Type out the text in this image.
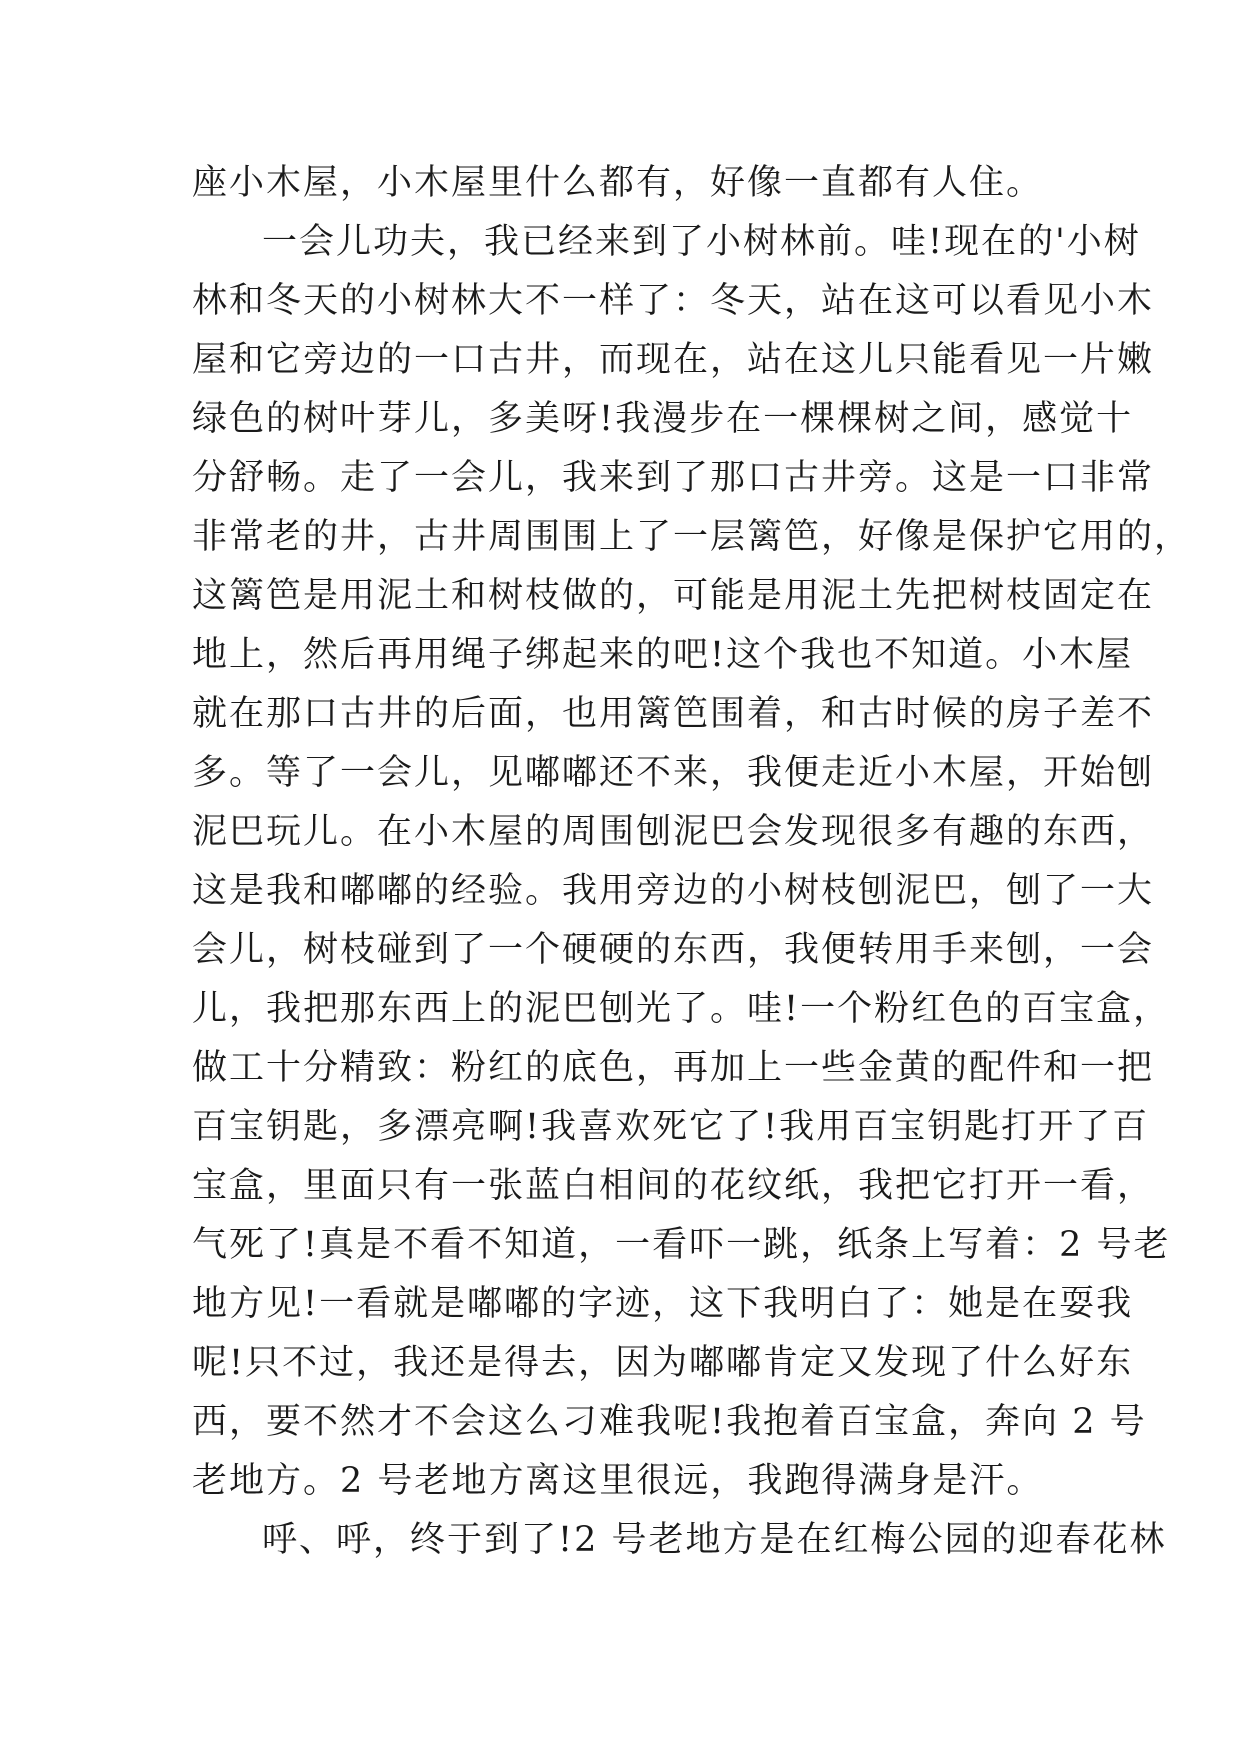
座小木屋，小木屋里什么都有，好像一直都有人住。
一会儿功夫，我已经来到了小树林前。哇!现在的'小树
林和冬天的小树林大不一样了：冬天，站在这可以看见小木
屋和它旁边的一口古井，而现在，站在这儿只能看见一片嫩
绿色的树叶芽儿，多美呀!我漫步在一棵棵树之间，感觉十
分舒畅。走了一会儿，我来到了那口古井旁。这是一口非常
非常老的井，古井周围围上了一层篱笆，好像是保护它用的，
这篱笆是用泥土和树枝做的，可能是用泥土先把树枝固定在
地上，然后再用绳子绑起来的吧!这个我也不知道。小木屋
就在那口古井的后面，也用篱笆围着，和古时候的房子差不
多。等了一会儿，见嘟嘟还不来，我便走近小木屋，开始刨
泥巴玩儿。在小木屋的周围刨泥巴会发现很多有趣的东西，
这是我和嘟嘟的经验。我用旁边的小树枝刨泥巴，刨了一大
会儿，树枝碰到了一个硬硬的东西，我便转用手来刨，一会
儿，我把那东西上的泥巴刨光了。哇!一个粉红色的百宝盒，
做工十分精致：粉红的底色，再加上一些金黄的配件和一把
百宝钥匙，多漂亮啊!我喜欢死它了!我用百宝钥匙打开了百
宝盒，里面只有一张蓝白相间的花纹纸，我把它打开一看，
气死了!真是不看不知道，一看吓一跳，纸条上写着：2 号老
地方见!一看就是嘟嘟的字迹，这下我明白了：她是在耍我
呢!只不过，我还是得去，因为嘟嘟肯定又发现了什么好东
西，要不然才不会这么刁难我呢!我抱着百宝盒，奔向 2 号
老地方。2 号老地方离这里很远，我跑得满身是汗。
呼、呼，终于到了!2 号老地方是在红梅公园的迎春花林
